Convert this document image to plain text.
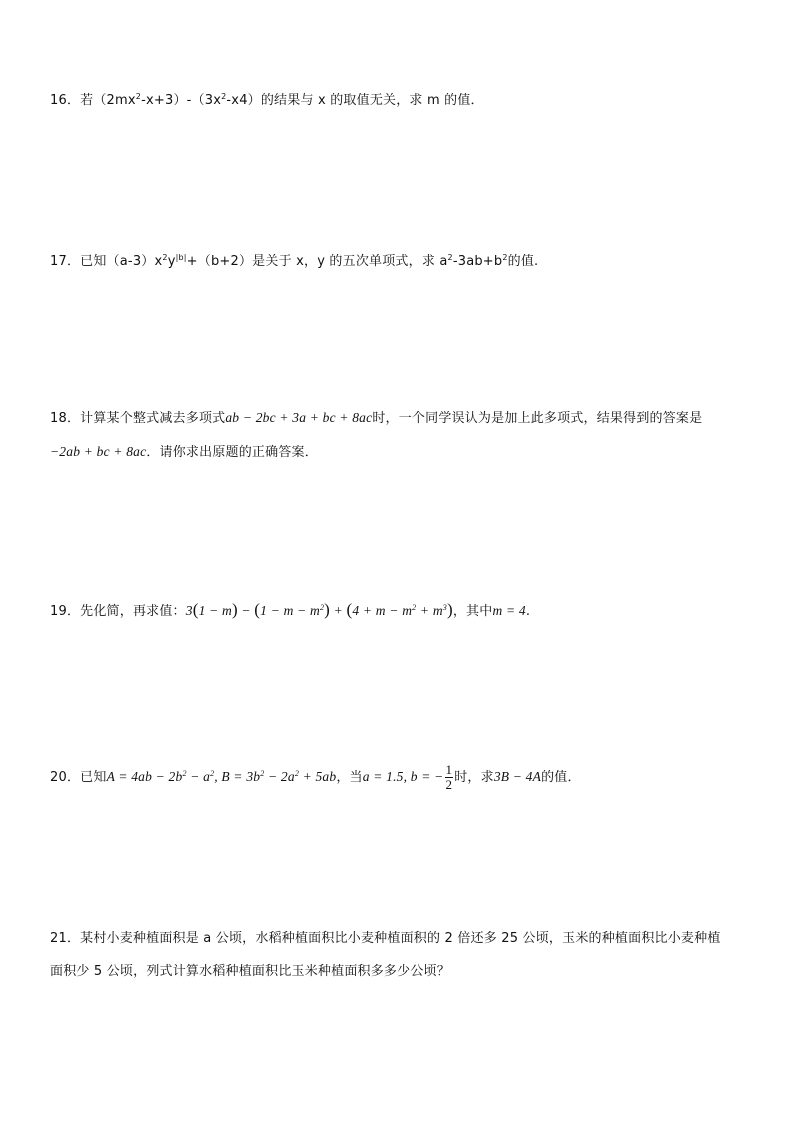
16．若$(2mx^2-x+3)-(3x^2-x4)$的结果与 x 的取值无关，求 m 的值．
17．已知$(a-3)x^2y^{|b|}+(b+2)$是关于 x，y 的五次单项式，求 $a^2-3ab+b^2$的值.
18．计算某个整式减去多项式ab − 2bc + 3a + bc + 8ac时，一个同学误认为是加上此多项式，结果得到的答案是
−2ab + bc + 8ac．请你求出原题的正确答案．
19．先化简，再求值：$3(1 - m) - (1 - m - m^2) + (4 + m - m^2 + m^3)$，其中m = 4.
20．已知$A = 4ab - 2b^2 - a^2$, $B = 3b^2 - 2a^2 + 5ab$，当a = 1.5, b = − $\frac{1}{2}$ 时，求3B − 4A的值．
21．某村小麦种植面积是 a 公顷，水稻种植面积比小麦种植面积的 2 倍还多 25 公顷，玉米的种植面积比小麦种植
面积少 5 公顷，列式计算水稻种植面积比玉米种植面积多多少公顷？
